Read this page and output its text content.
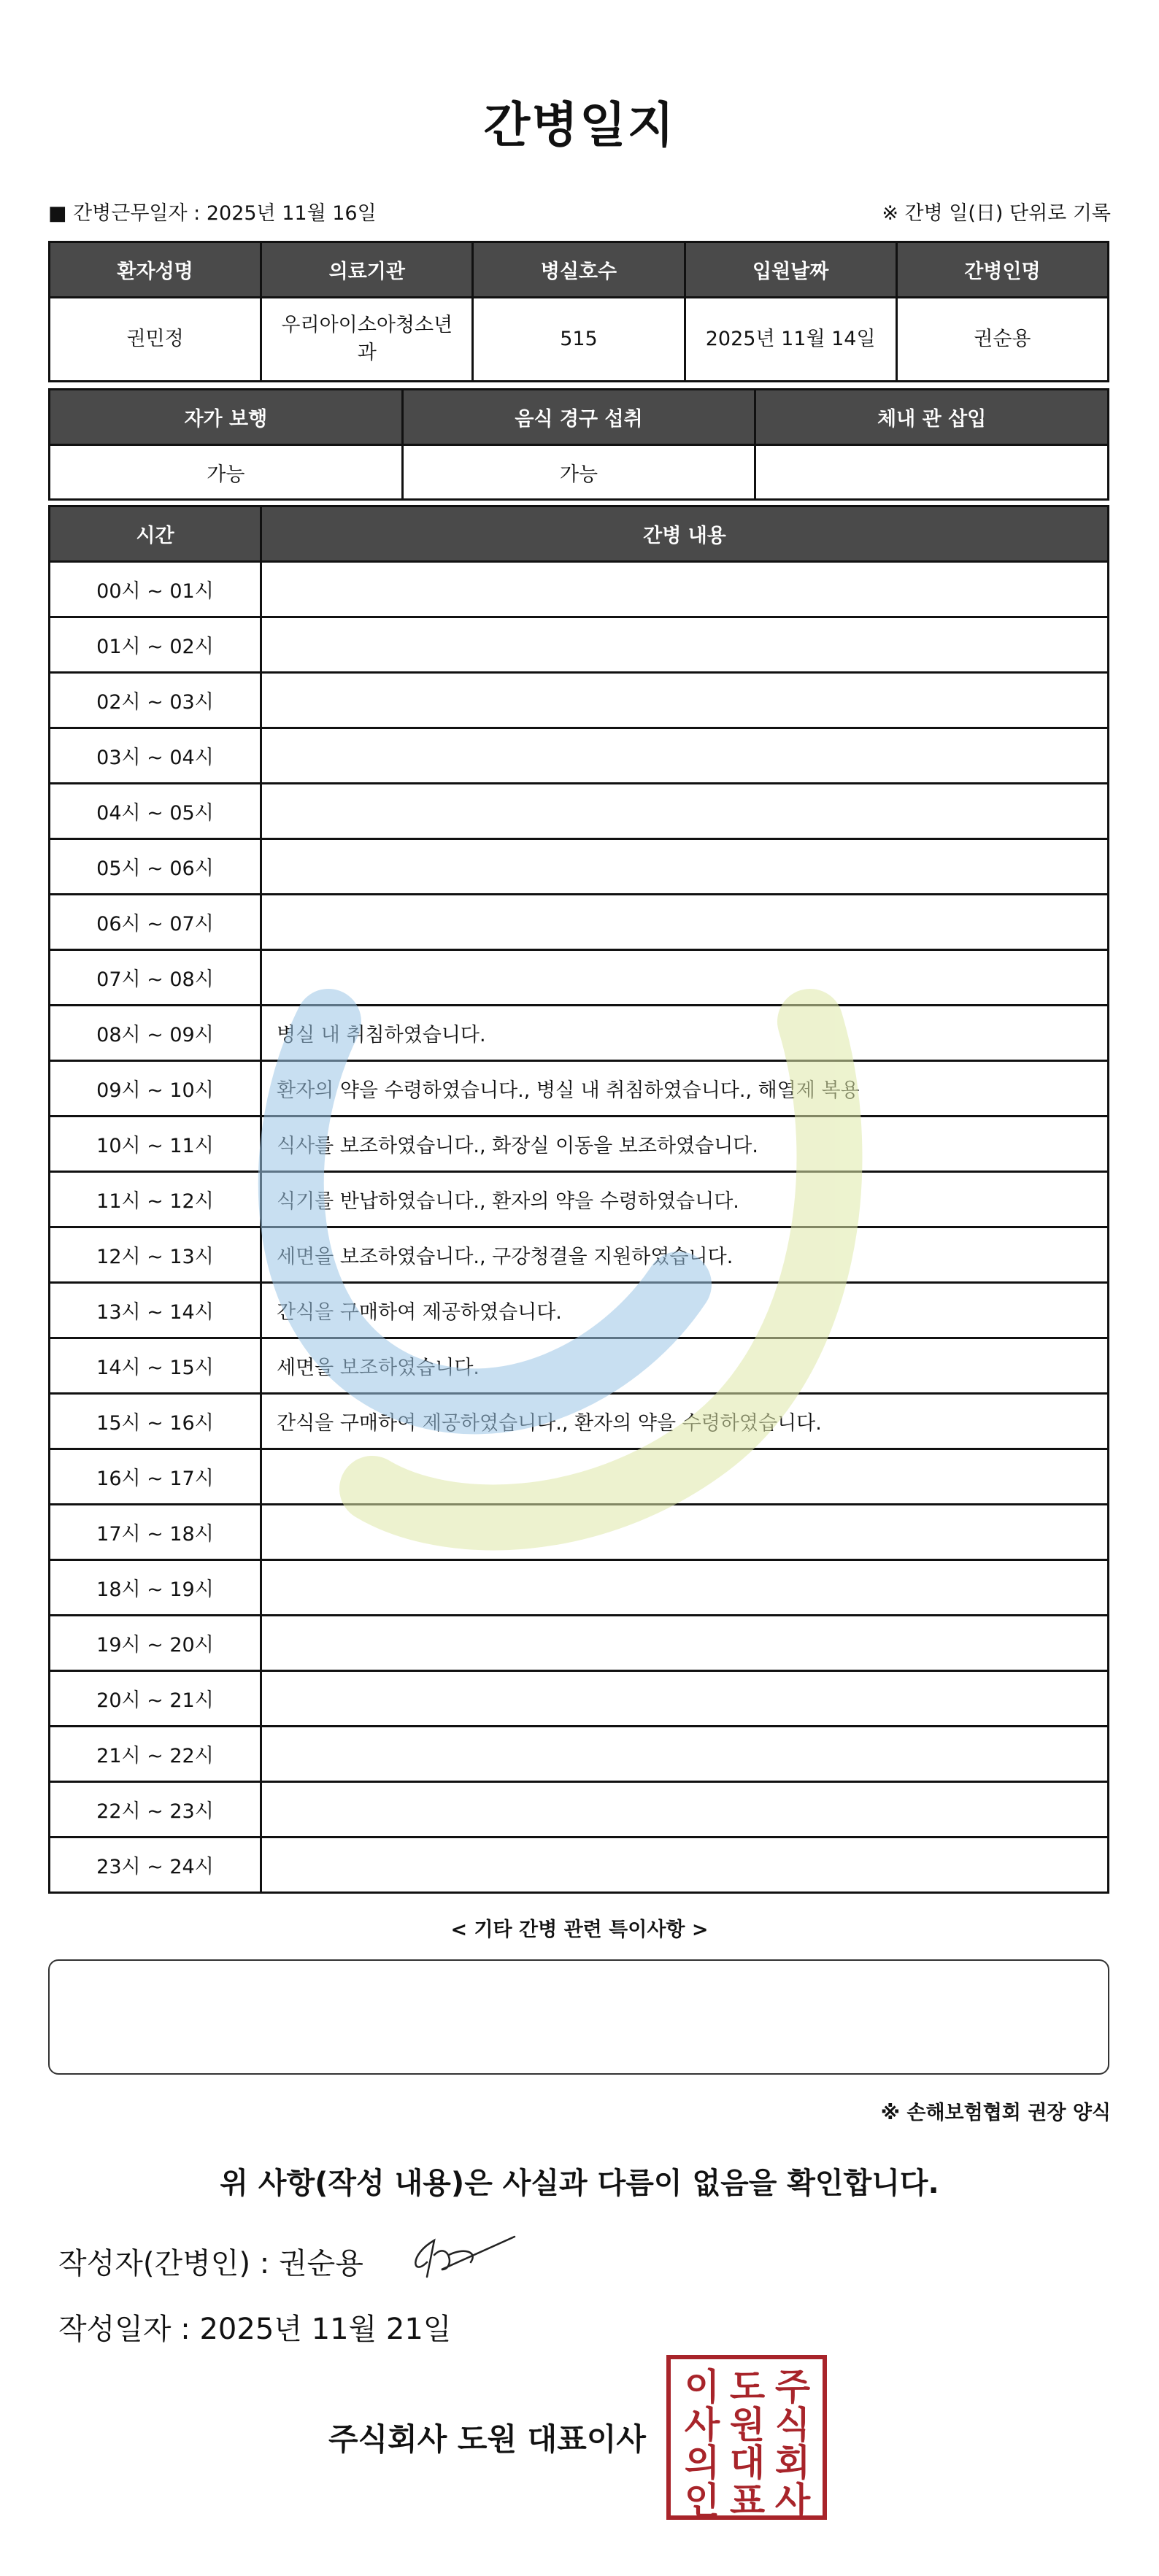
간병일지
■ 간병근무일자 : 2025년 11월 16일	※ 간병 일(日) 단위로 기록
환자성명	의료기관	병실호수	입원날짜	간병인명
권민정	우리아이소아청소년과	515	2025년 11월 14일	권순용
자가 보행	음식 경구 섭취	체내 관 삽입
가능	가능	
시간	간병 내용
00시 ~ 01시	
01시 ~ 02시	
02시 ~ 03시	
03시 ~ 04시	
04시 ~ 05시	
05시 ~ 06시	
06시 ~ 07시	
07시 ~ 08시	
08시 ~ 09시	병실 내 취침하였습니다.
09시 ~ 10시	환자의 약을 수령하였습니다., 병실 내 취침하였습니다., 해열제 복용
10시 ~ 11시	식사를 보조하였습니다., 화장실 이동을 보조하였습니다.
11시 ~ 12시	식기를 반납하였습니다., 환자의 약을 수령하였습니다.
12시 ~ 13시	세면을 보조하였습니다., 구강청결을 지원하였습니다.
13시 ~ 14시	간식을 구매하여 제공하였습니다.
14시 ~ 15시	세면을 보조하였습니다.
15시 ~ 16시	간식을 구매하여 제공하였습니다., 환자의 약을 수령하였습니다.
16시 ~ 17시	
17시 ~ 18시	
18시 ~ 19시	
19시 ~ 20시	
20시 ~ 21시	
21시 ~ 22시	
22시 ~ 23시	
23시 ~ 24시	
< 기타 간병 관련 특이사항 >
※ 손해보험협회 권장 양식
위 사항(작성 내용)은 사실과 다름이 없음을 확인합니다.
작성자(간병인) : 권순용
작성일자 : 2025년 11월 21일
주식회사 도원 대표이사
주
식
회
사
도
원
대
표
이
사
의
인
